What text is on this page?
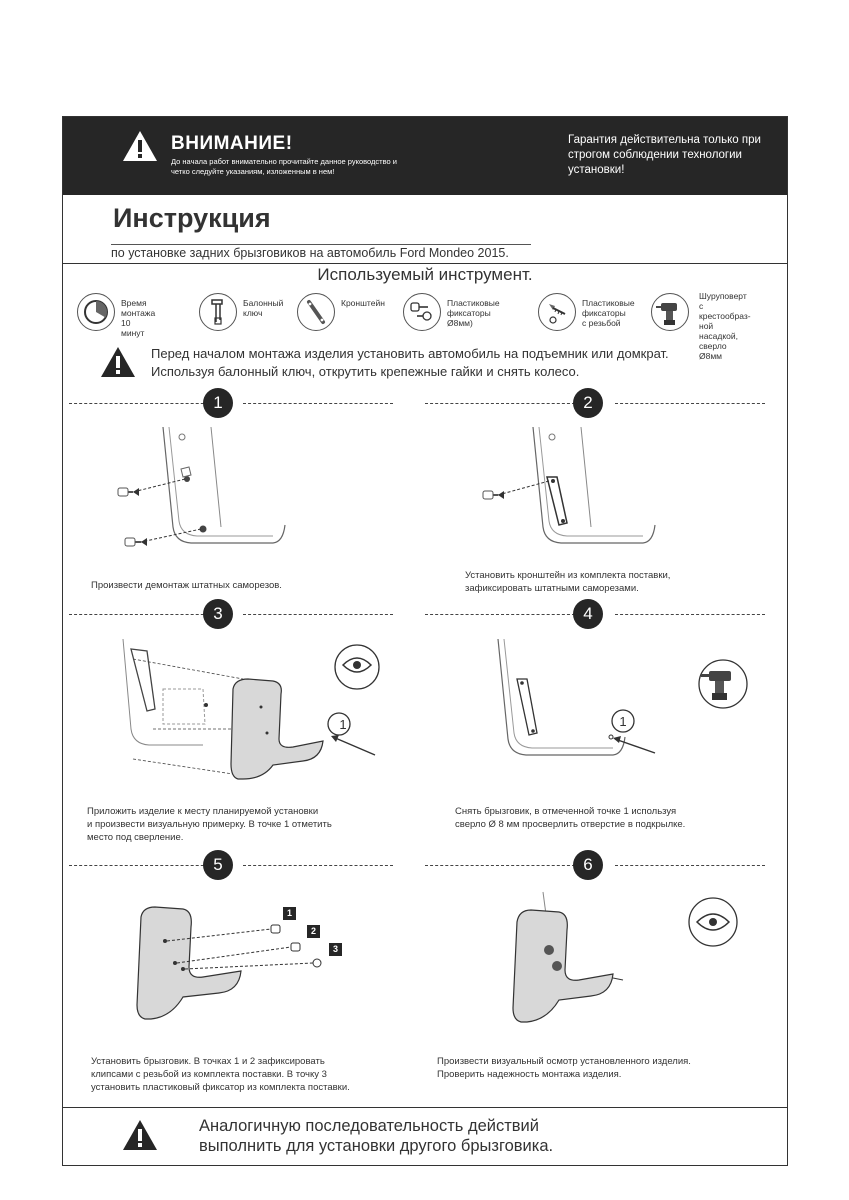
ВНИМАНИЕ!
До начала работ внимательно прочитайте данное руководство и четко следуйте указаниям, изложенным в нем!
Гарантия действительна только при строгом соблюдении технологии установки!
Инструкция
по установке задних брызговиков на автомобиль Ford Mondeo 2015.
Используемый инструмент.
Время монтажа
10 минут
Балонный
ключ
Кронштейн	Пластиковые
фиксаторы Ø8мм)
Пластиковые
фиксаторы
с резьбой
Шуруповерт
с крестообраз-
ной насадкой,
сверло Ø8мм
Перед началом монтажа изделия установить автомобиль на подъемник или домкрат.
Используя балонный ключ, открутить крепежные гайки и снять колесо.
1	2
Произвести демонтаж штатных саморезов.
Установить кронштейн из комплекта поставки,
зафиксировать штатными саморезами.
3	4
1
Приложить изделие к месту планируемой установки
и произвести визуальную примерку. В точке 1 отметить
место под сверление.
1
Снять брызговик, в отмеченной точке 1 используя
сверло Ø 8 мм просверлить отверстие в подкрылке.
5	6
1
2
3
Установить брызговик. В точках 1 и 2 зафиксировать
клипсами с резьбой из комплекта поставки. В точку 3
установить пластиковый фиксатор из комплекта поставки.
Произвести визуальный осмотр установленного изделия.
Проверить надежность монтажа изделия.
Аналогичную последовательность действий
выполнить для установки другого брызговика.
